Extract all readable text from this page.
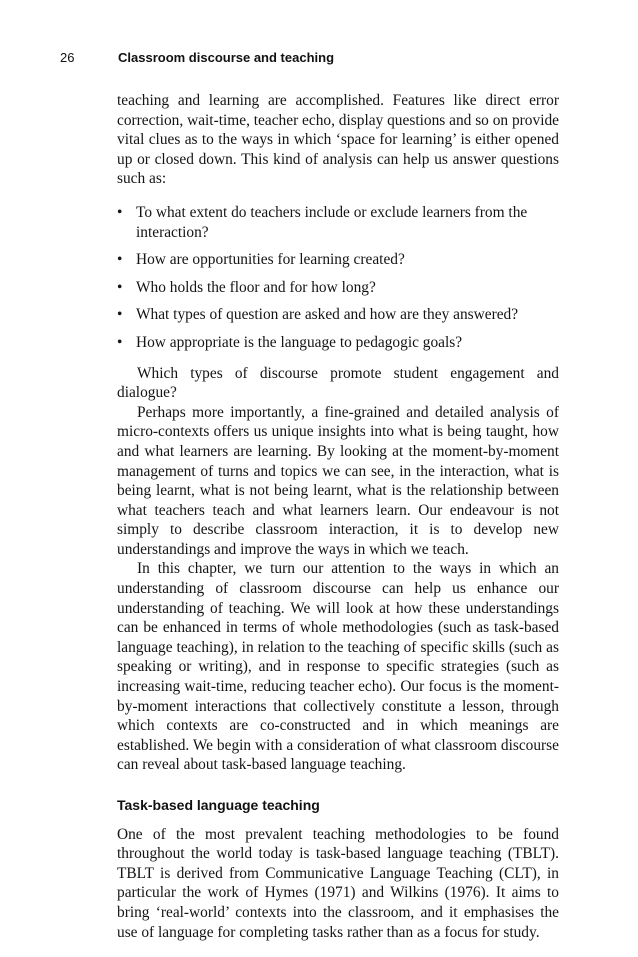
26	Classroom discourse and teaching

teaching and learning are accomplished. Features like direct error correction, wait-time, teacher echo, display questions and so on provide vital clues as to the ways in which ‘space for learning’ is either opened up or closed down. This kind of analysis can help us answer questions such as:

• To what extent do teachers include or exclude learners from the interaction?
• How are opportunities for learning created?
• Who holds the floor and for how long?
• What types of question are asked and how are they answered?
• How appropriate is the language to pedagogic goals?

Which types of discourse promote student engagement and dialogue?

Perhaps more importantly, a fine-grained and detailed analysis of micro-contexts offers us unique insights into what is being taught, how and what learners are learning. By looking at the moment-by-moment management of turns and topics we can see, in the interaction, what is being learnt, what is not being learnt, what is the relationship between what teachers teach and what learners learn. Our endeavour is not simply to describe classroom interaction, it is to develop new understandings and improve the ways in which we teach.

In this chapter, we turn our attention to the ways in which an understanding of classroom discourse can help us enhance our understanding of teaching. We will look at how these understandings can be enhanced in terms of whole methodologies (such as task-based language teaching), in relation to the teaching of specific skills (such as speaking or writing), and in response to specific strategies (such as increasing wait-time, reducing teacher echo). Our focus is the moment-by-moment interactions that collectively constitute a lesson, through which contexts are co-constructed and in which meanings are established. We begin with a consideration of what classroom discourse can reveal about task-based language teaching.

Task-based language teaching

One of the most prevalent teaching methodologies to be found throughout the world today is task-based language teaching (TBLT). TBLT is derived from Communicative Language Teaching (CLT), in particular the work of Hymes (1971) and Wilkins (1976). It aims to bring ‘real-world’ contexts into the classroom, and it emphasises the use of language for completing tasks rather than as a focus for study.
